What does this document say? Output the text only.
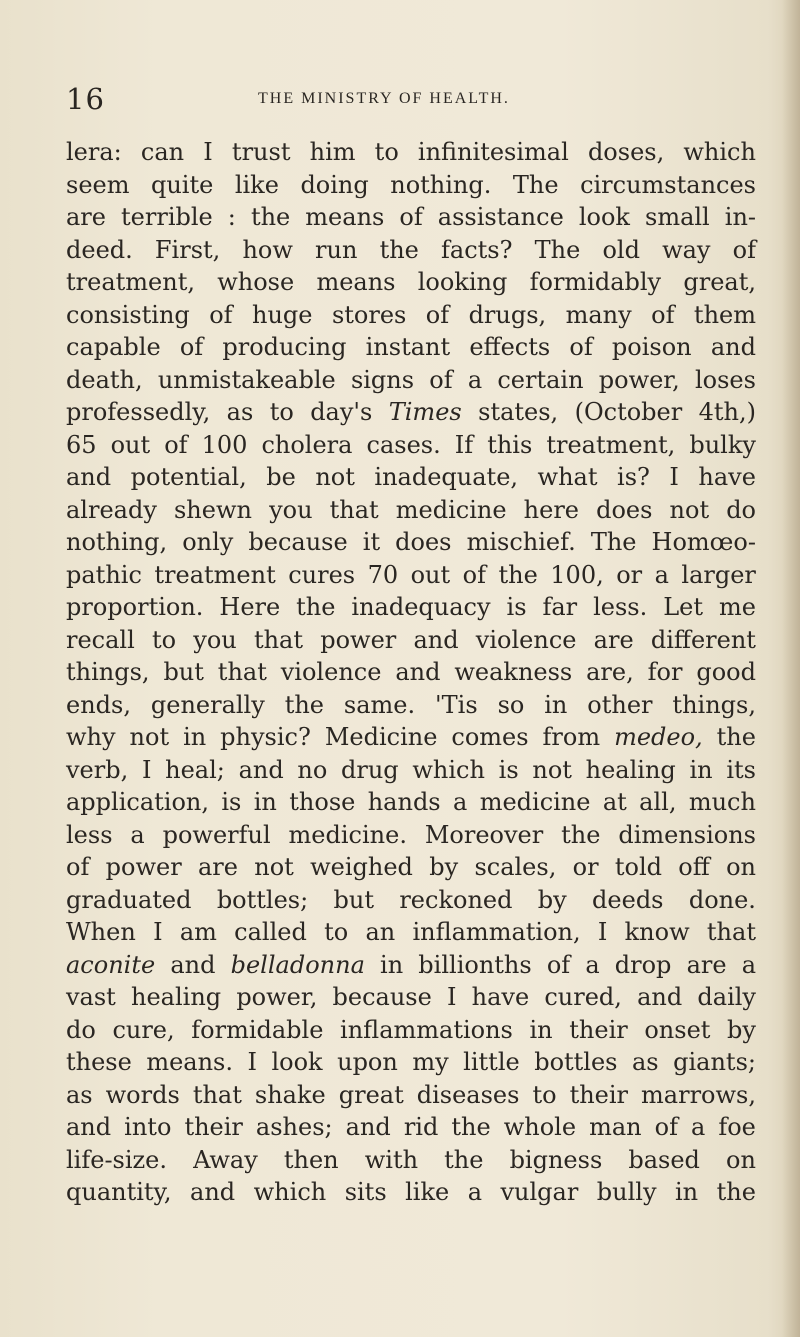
16	THE MINISTRY OF HEALTH.
lera: can I trust him to infinitesimal doses, which
seem quite like doing nothing. The circumstances
are terrible : the means of assistance look small in-
deed. First, how run the facts? The old way of
treatment, whose means looking formidably great,
consisting of huge stores of drugs, many of them
capable of producing instant effects of poison and
death, unmistakeable signs of a certain power, loses
professedly, as to day's Times states, (October 4th,)
65 out of 100 cholera cases. If this treatment, bulky
and potential, be not inadequate, what is? I have
already shewn you that medicine here does not do
nothing, only because it does mischief. The Homœo-
pathic treatment cures 70 out of the 100, or a larger
proportion. Here the inadequacy is far less. Let me
recall to you that power and violence are different
things, but that violence and weakness are, for good
ends, generally the same. 'Tis so in other things,
why not in physic? Medicine comes from medeo, the
verb, I heal; and no drug which is not healing in its
application, is in those hands a medicine at all, much
less a powerful medicine. Moreover the dimensions
of power are not weighed by scales, or told off on
graduated bottles; but reckoned by deeds done.
When I am called to an inflammation, I know that
aconite and belladonna in billionths of a drop are a
vast healing power, because I have cured, and daily
do cure, formidable inflammations in their onset by
these means. I look upon my little bottles as giants;
as words that shake great diseases to their marrows,
and into their ashes; and rid the whole man of a foe
life-size. Away then with the bigness based on
quantity, and which sits like a vulgar bully in the
